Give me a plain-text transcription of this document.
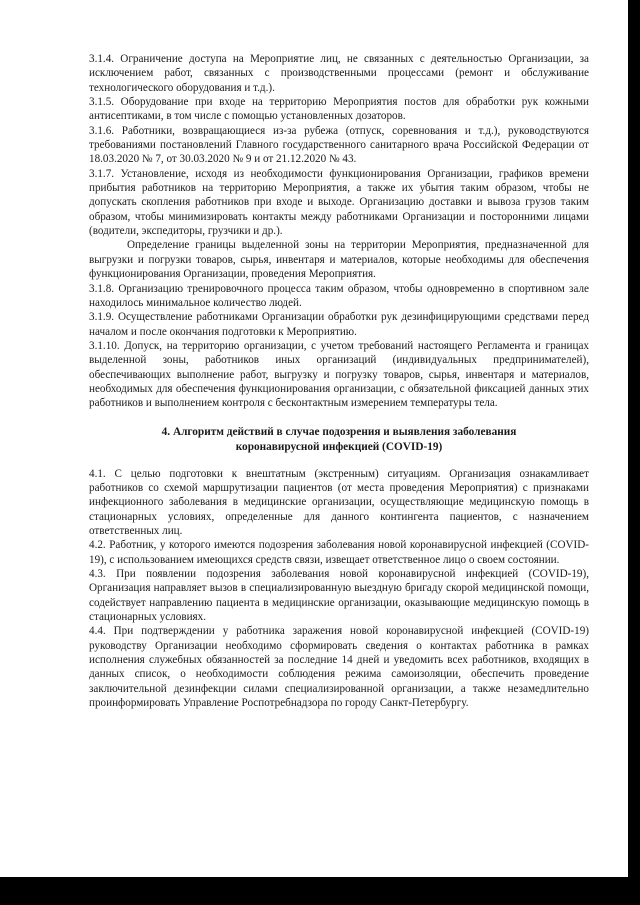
3.1.4. Ограничение доступа на Мероприятие лиц, не связанных с деятельностью Организации, за исключением работ, связанных с производственными процессами (ремонт и обслуживание технологического оборудования и т.д.).

3.1.5. Оборудование при входе на территорию Мероприятия постов для обработки рук кожными антисептиками, в том числе с помощью установленных дозаторов.

3.1.6. Работники, возвращающиеся из-за рубежа (отпуск, соревнования и т.д.), руководствуются требованиями постановлений Главного государственного санитарного врача Российской Федерации от 18.03.2020 № 7, от 30.03.2020 № 9 и от 21.12.2020 № 43.

3.1.7. Установление, исходя из необходимости функционирования Организации, графиков времени прибытия работников на территорию Мероприятия, а также их убытия таким образом, чтобы не допускать скопления работников при входе и выходе. Организацию доставки и вывоза грузов таким образом, чтобы минимизировать контакты между работниками Организации и посторонними лицами (водители, экспедиторы, грузчики и др.).

Определение границы выделенной зоны на территории Мероприятия, предназначенной для выгрузки и погрузки товаров, сырья, инвентаря и материалов, которые необходимы для обеспечения функционирования Организации, проведения Мероприятия.

3.1.8. Организацию тренировочного процесса таким образом, чтобы одновременно в спортивном зале находилось минимальное количество людей.

3.1.9. Осуществление работниками Организации обработки рук дезинфицирующими средствами перед началом и после окончания подготовки к Мероприятию.

3.1.10. Допуск, на территорию организации, с учетом требований настоящего Регламента и границах выделенной зоны, работников иных организаций (индивидуальных предпринимателей), обеспечивающих выполнение работ, выгрузку и погрузку товаров, сырья, инвентаря и материалов, необходимых для обеспечения функционирования организации, с обязательной фиксацией данных этих работников и выполнением контроля с бесконтактным измерением температуры тела.

4. Алгоритм действий в случае подозрения и выявления заболевания
коронавирусной инфекцией (COVID-19)

4.1. С целью подготовки к внештатным (экстренным) ситуациям. Организация ознакамливает работников со схемой маршрутизации пациентов (от места проведения Мероприятия) с признаками инфекционного заболевания в медицинские организации, осуществляющие медицинскую помощь в стационарных условиях, определенные для данного контингента пациентов, с назначением ответственных лиц.

4.2. Работник, у которого имеются подозрения заболевания новой коронавирусной инфекцией (COVID-19), с использованием имеющихся средств связи, извещает ответственное лицо о своем состоянии.

4.3. При появлении подозрения заболевания новой коронавирусной инфекцией (COVID-19), Организация направляет вызов в специализированную выездную бригаду скорой медицинской помощи, содействует направлению пациента в медицинские организации, оказывающие медицинскую помощь в стационарных условиях.

4.4. При подтверждении у работника заражения новой коронавирусной инфекцией (COVID-19) руководству Организации необходимо сформировать сведения о контактах работника в рамках исполнения служебных обязанностей за последние 14 дней и уведомить всех работников, входящих в данных список, о необходимости соблюдения режима самоизоляции, обеспечить проведение заключительной дезинфекции силами специализированной организации, а также незамедлительно проинформировать Управление Роспотребнадзора по городу Санкт-Петербургу.
